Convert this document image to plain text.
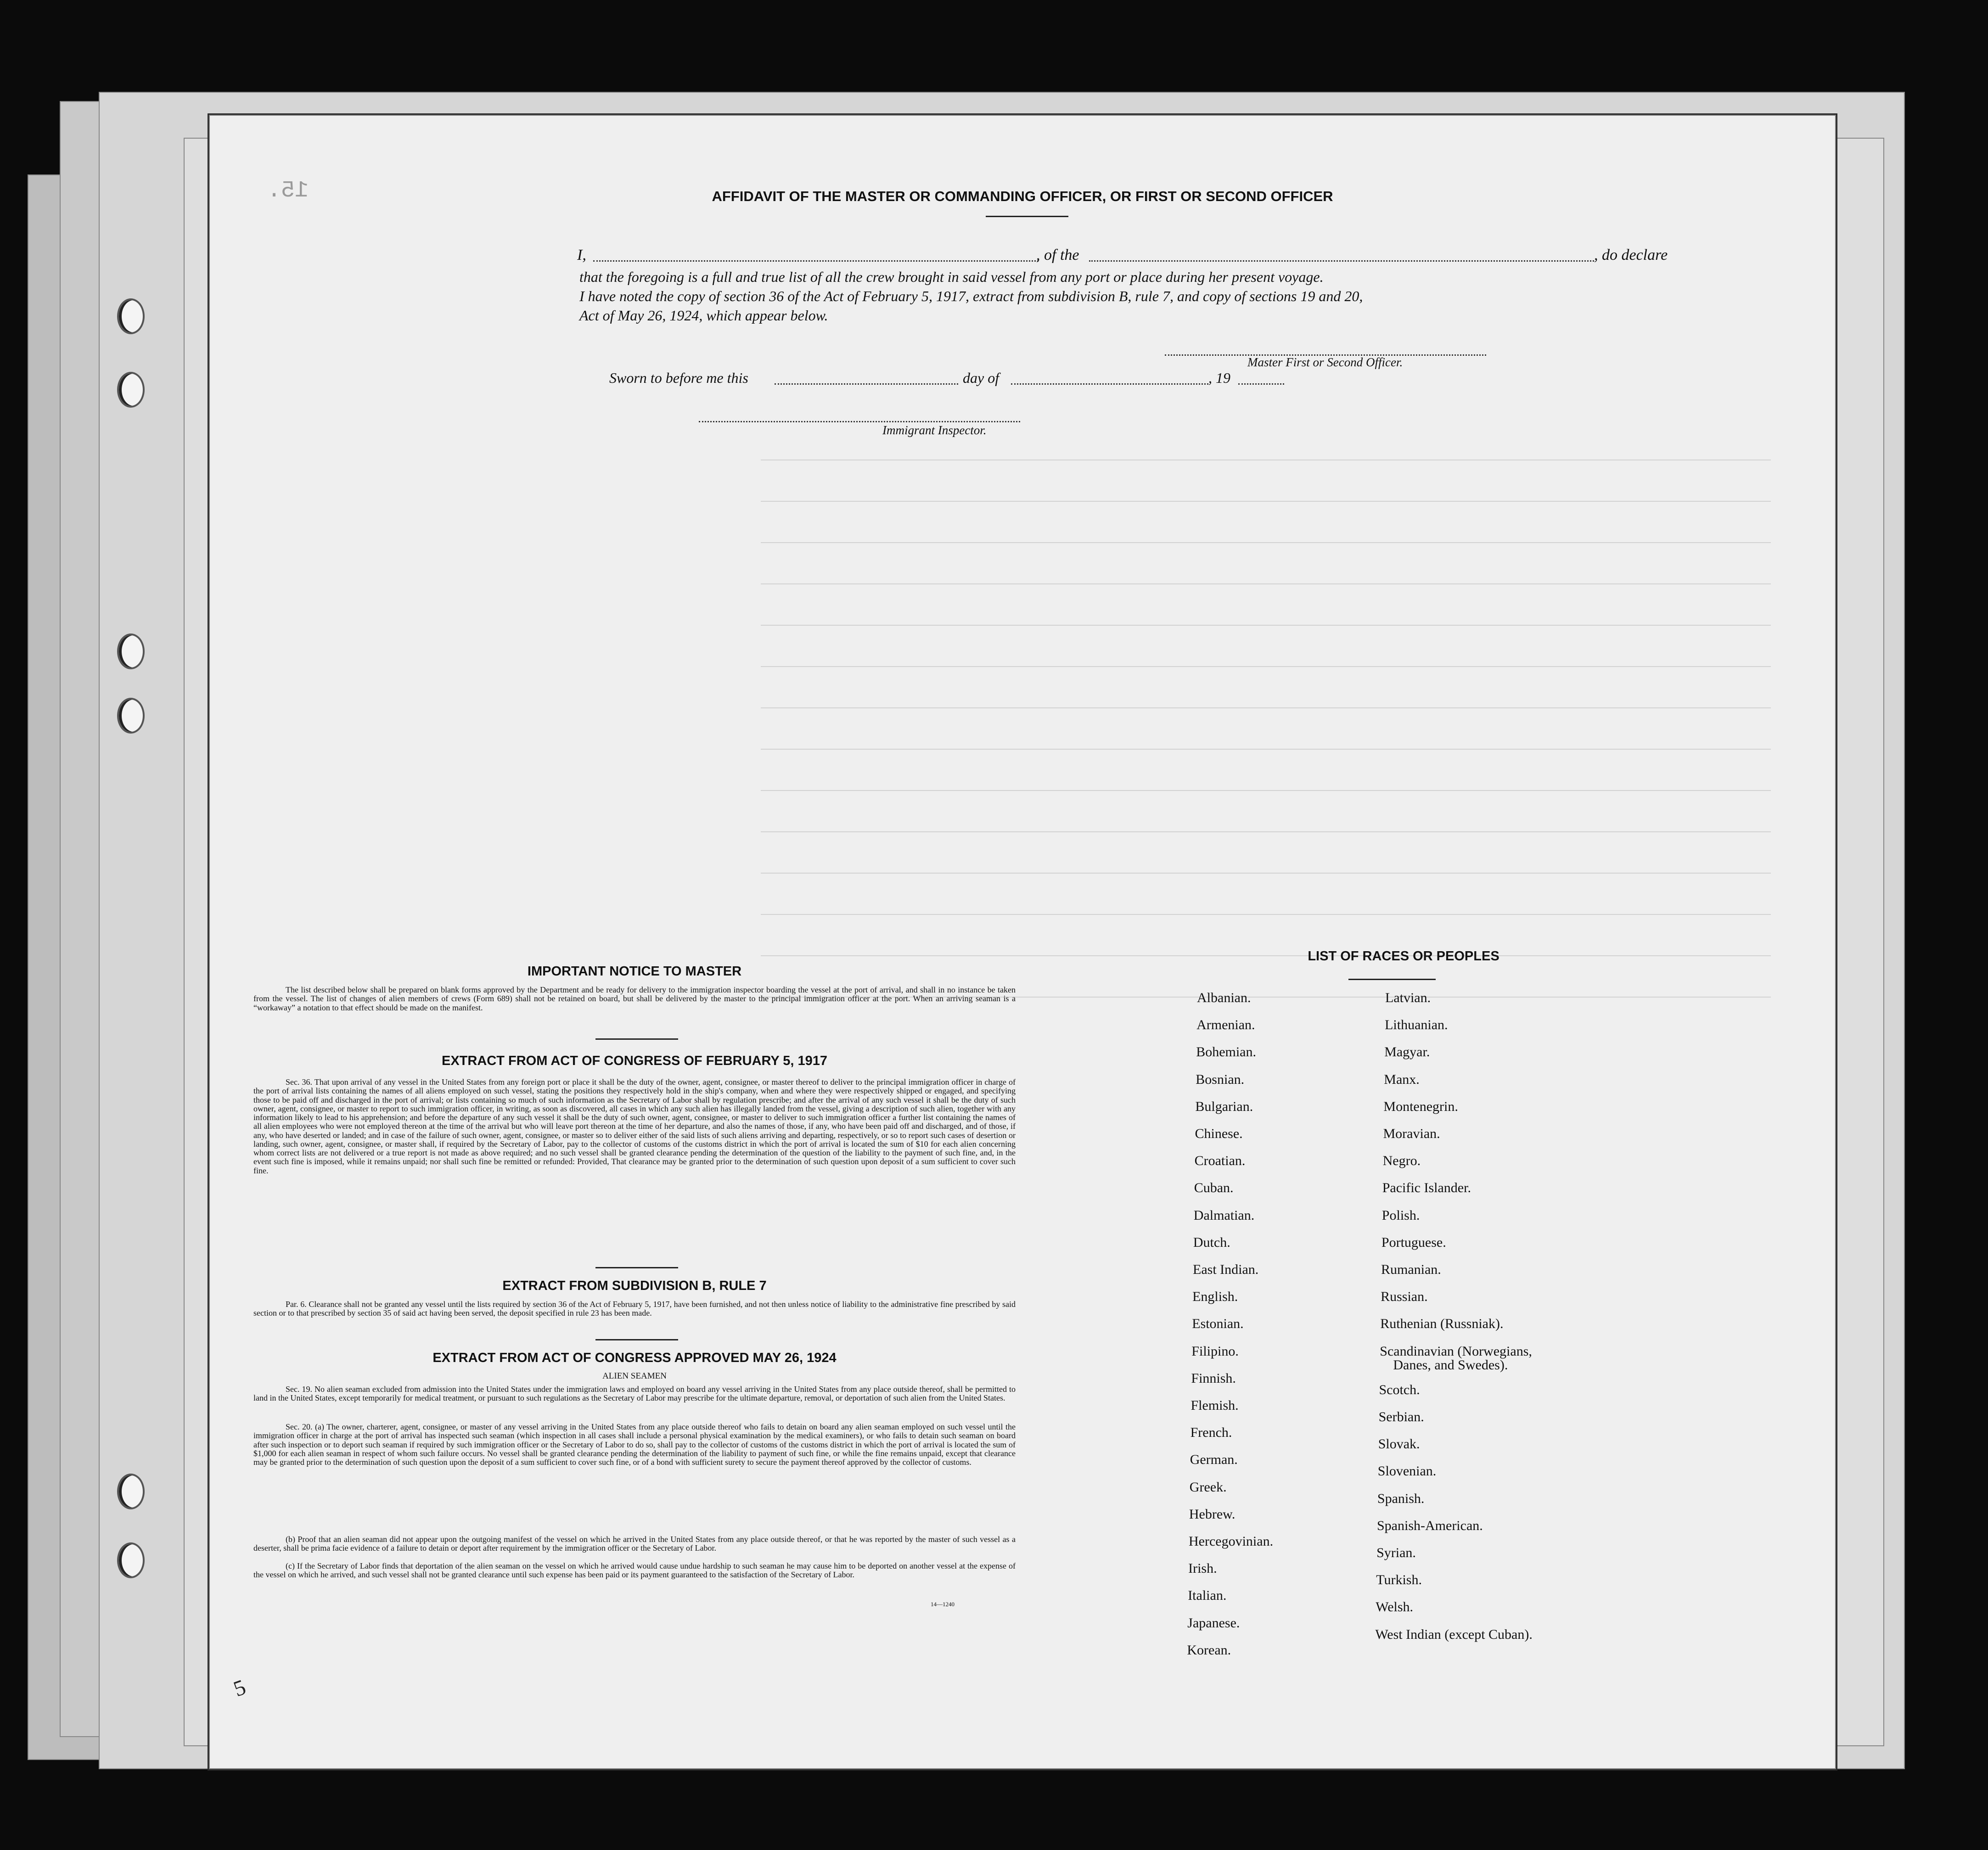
AFFIDAVIT OF THE MASTER OR COMMANDING OFFICER, OR FIRST OR SECOND OFFICER
I,	, of the	, do declare
that the foregoing is a full and true list of all the crew brought in said vessel from any port or place during her present voyage.
I have noted the copy of section 36 of the Act of February 5, 1917, extract from subdivision B, rule 7, and copy of sections 19 and 20,
Act of May 26, 1924, which appear below.
Master First or Second Officer.
Sworn to before me this	day of	, 19
Immigrant Inspector.
IMPORTANT NOTICE TO MASTER
The list described below shall be prepared on blank forms approved by the Department and be ready for delivery to the immigration inspector boarding the vessel at the port of arrival, and shall in no instance be taken from the vessel. The list of changes of alien members of crews (Form 689) shall not be retained on board, but shall be delivered by the master to the principal immigration officer at the port. When an arriving seaman is a “workaway” a notation to that effect should be made on the manifest.
EXTRACT FROM ACT OF CONGRESS OF FEBRUARY 5, 1917
Sec. 36. That upon arrival of any vessel in the United States from any foreign port or place it shall be the duty of the owner, agent, consignee, or master thereof to deliver to the principal immigration officer in charge of the port of arrival lists containing the names of all aliens employed on such vessel, stating the positions they respectively hold in the ship's company, when and where they were respectively shipped or engaged, and specifying those to be paid off and discharged in the port of arrival; or lists containing so much of such information as the Secretary of Labor shall by regulation prescribe; and after the arrival of any such vessel it shall be the duty of such owner, agent, consignee, or master to report to such immigration officer, in writing, as soon as discovered, all cases in which any such alien has illegally landed from the vessel, giving a description of such alien, together with any information likely to lead to his apprehension; and before the departure of any such vessel it shall be the duty of such owner, agent, consignee, or master to deliver to such immigration officer a further list containing the names of all alien employees who were not employed thereon at the time of the arrival but who will leave port thereon at the time of her departure, and also the names of those, if any, who have been paid off and discharged, and of those, if any, who have deserted or landed; and in case of the failure of such owner, agent, consignee, or master so to deliver either of the said lists of such aliens arriving and departing, respectively, or so to report such cases of desertion or landing, such owner, agent, consignee, or master shall, if required by the Secretary of Labor, pay to the collector of customs of the customs district in which the port of arrival is located the sum of $10 for each alien concerning whom correct lists are not delivered or a true report is not made as above required; and no such vessel shall be granted clearance pending the determination of the question of the liability to the payment of such fine, and, in the event such fine is imposed, while it remains unpaid; nor shall such fine be remitted or refunded: Provided, That clearance may be granted prior to the determination of such question upon deposit of a sum sufficient to cover such fine.
EXTRACT FROM SUBDIVISION B, RULE 7
Par. 6. Clearance shall not be granted any vessel until the lists required by section 36 of the Act of February 5, 1917, have been furnished, and not then unless notice of liability to the administrative fine prescribed by said section or to that prescribed by section 35 of said act having been served, the deposit specified in rule 23 has been made.
EXTRACT FROM ACT OF CONGRESS APPROVED MAY 26, 1924
ALIEN SEAMEN
Sec. 19. No alien seaman excluded from admission into the United States under the immigration laws and employed on board any vessel arriving in the United States from any place outside thereof, shall be permitted to land in the United States, except temporarily for medical treatment, or pursuant to such regulations as the Secretary of Labor may prescribe for the ultimate departure, removal, or deportation of such alien from the United States.
Sec. 20. (a) The owner, charterer, agent, consignee, or master of any vessel arriving in the United States from any place outside thereof who fails to detain on board any alien seaman employed on such vessel until the immigration officer in charge at the port of arrival has inspected such seaman (which inspection in all cases shall include a personal physical examination by the medical examiners), or who fails to detain such seaman on board after such inspection or to deport such seaman if required by such immigration officer or the Secretary of Labor to do so, shall pay to the collector of customs of the customs district in which the port of arrival is located the sum of $1,000 for each alien seaman in respect of whom such failure occurs. No vessel shall be granted clearance pending the determination of the liability to payment of such fine, or while the fine remains unpaid, except that clearance may be granted prior to the determination of such question upon the deposit of a sum sufficient to cover such fine, or of a bond with sufficient surety to secure the payment thereof approved by the collector of customs.
(b) Proof that an alien seaman did not appear upon the outgoing manifest of the vessel on which he arrived in the United States from any place outside thereof, or that he was reported by the master of such vessel as a deserter, shall be prima facie evidence of a failure to detain or deport after requirement by the immigration officer or the Secretary of Labor.
(c) If the Secretary of Labor finds that deportation of the alien seaman on the vessel on which he arrived would cause undue hardship to such seaman he may cause him to be deported on another vessel at the expense of the vessel on which he arrived, and such vessel shall not be granted clearance until such expense has been paid or its payment guaranteed to the satisfaction of the Secretary of Labor.
14—1240
LIST OF RACES OR PEOPLES
Albanian.
Armenian.
Bohemian.
Bosnian.
Bulgarian.
Chinese.
Croatian.
Cuban.
Dalmatian.
Dutch.
East Indian.
English.
Estonian.
Filipino.
Finnish.
Flemish.
French.
German.
Greek.
Hebrew.
Hercegovinian.
Irish.
Italian.
Japanese.
Korean.
Latvian.
Lithuanian.
Magyar.
Manx.
Montenegrin.
Moravian.
Negro.
Pacific Islander.
Polish.
Portuguese.
Rumanian.
Russian.
Ruthenian (Russniak).
Scandinavian (Norwegians,
Danes, and Swedes).
Scotch.
Serbian.
Slovak.
Slovenian.
Spanish.
Spanish-American.
Syrian.
Turkish.
Welsh.
West Indian (except Cuban).
15.
5
